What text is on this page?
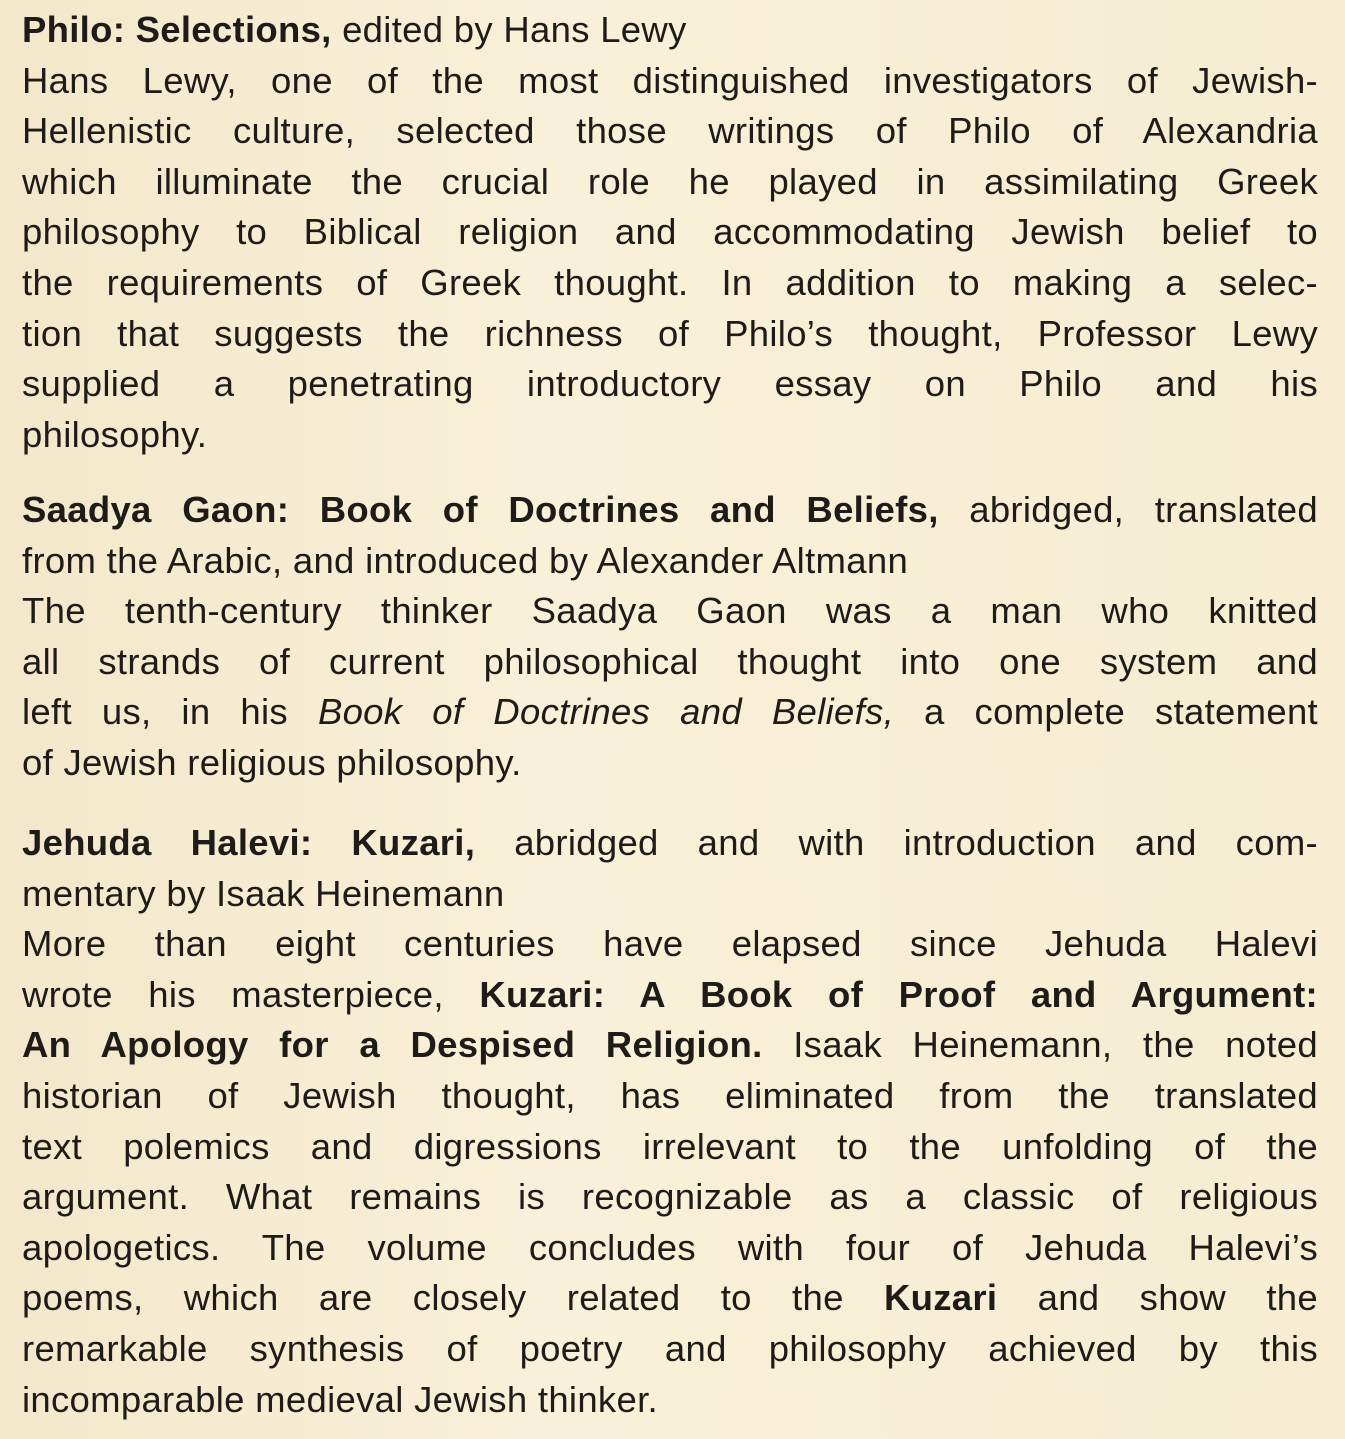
Philo: Selections, edited by Hans Lewy
Hans Lewy, one of the most distinguished investigators of Jewish-
Hellenistic culture, selected those writings of Philo of Alexandria
which illuminate the crucial role he played in assimilating Greek
philosophy to Biblical religion and accommodating Jewish belief to
the requirements of Greek thought. In addition to making a selec-
tion that suggests the richness of Philo’s thought, Professor Lewy
supplied a penetrating introductory essay on Philo and his
philosophy.
Saadya Gaon: Book of Doctrines and Beliefs, abridged, translated
from the Arabic, and introduced by Alexander Altmann
The tenth-century thinker Saadya Gaon was a man who knitted
all strands of current philosophical thought into one system and
left us, in his Book of Doctrines and Beliefs, a complete statement
of Jewish religious philosophy.
Jehuda Halevi: Kuzari, abridged and with introduction and com-
mentary by Isaak Heinemann
More than eight centuries have elapsed since Jehuda Halevi
wrote his masterpiece, Kuzari: A Book of Proof and Argument:
An Apology for a Despised Religion. Isaak Heinemann, the noted
historian of Jewish thought, has eliminated from the translated
text polemics and digressions irrelevant to the unfolding of the
argument. What remains is recognizable as a classic of religious
apologetics. The volume concludes with four of Jehuda Halevi’s
poems, which are closely related to the Kuzari and show the
remarkable synthesis of poetry and philosophy achieved by this
incomparable medieval Jewish thinker.
